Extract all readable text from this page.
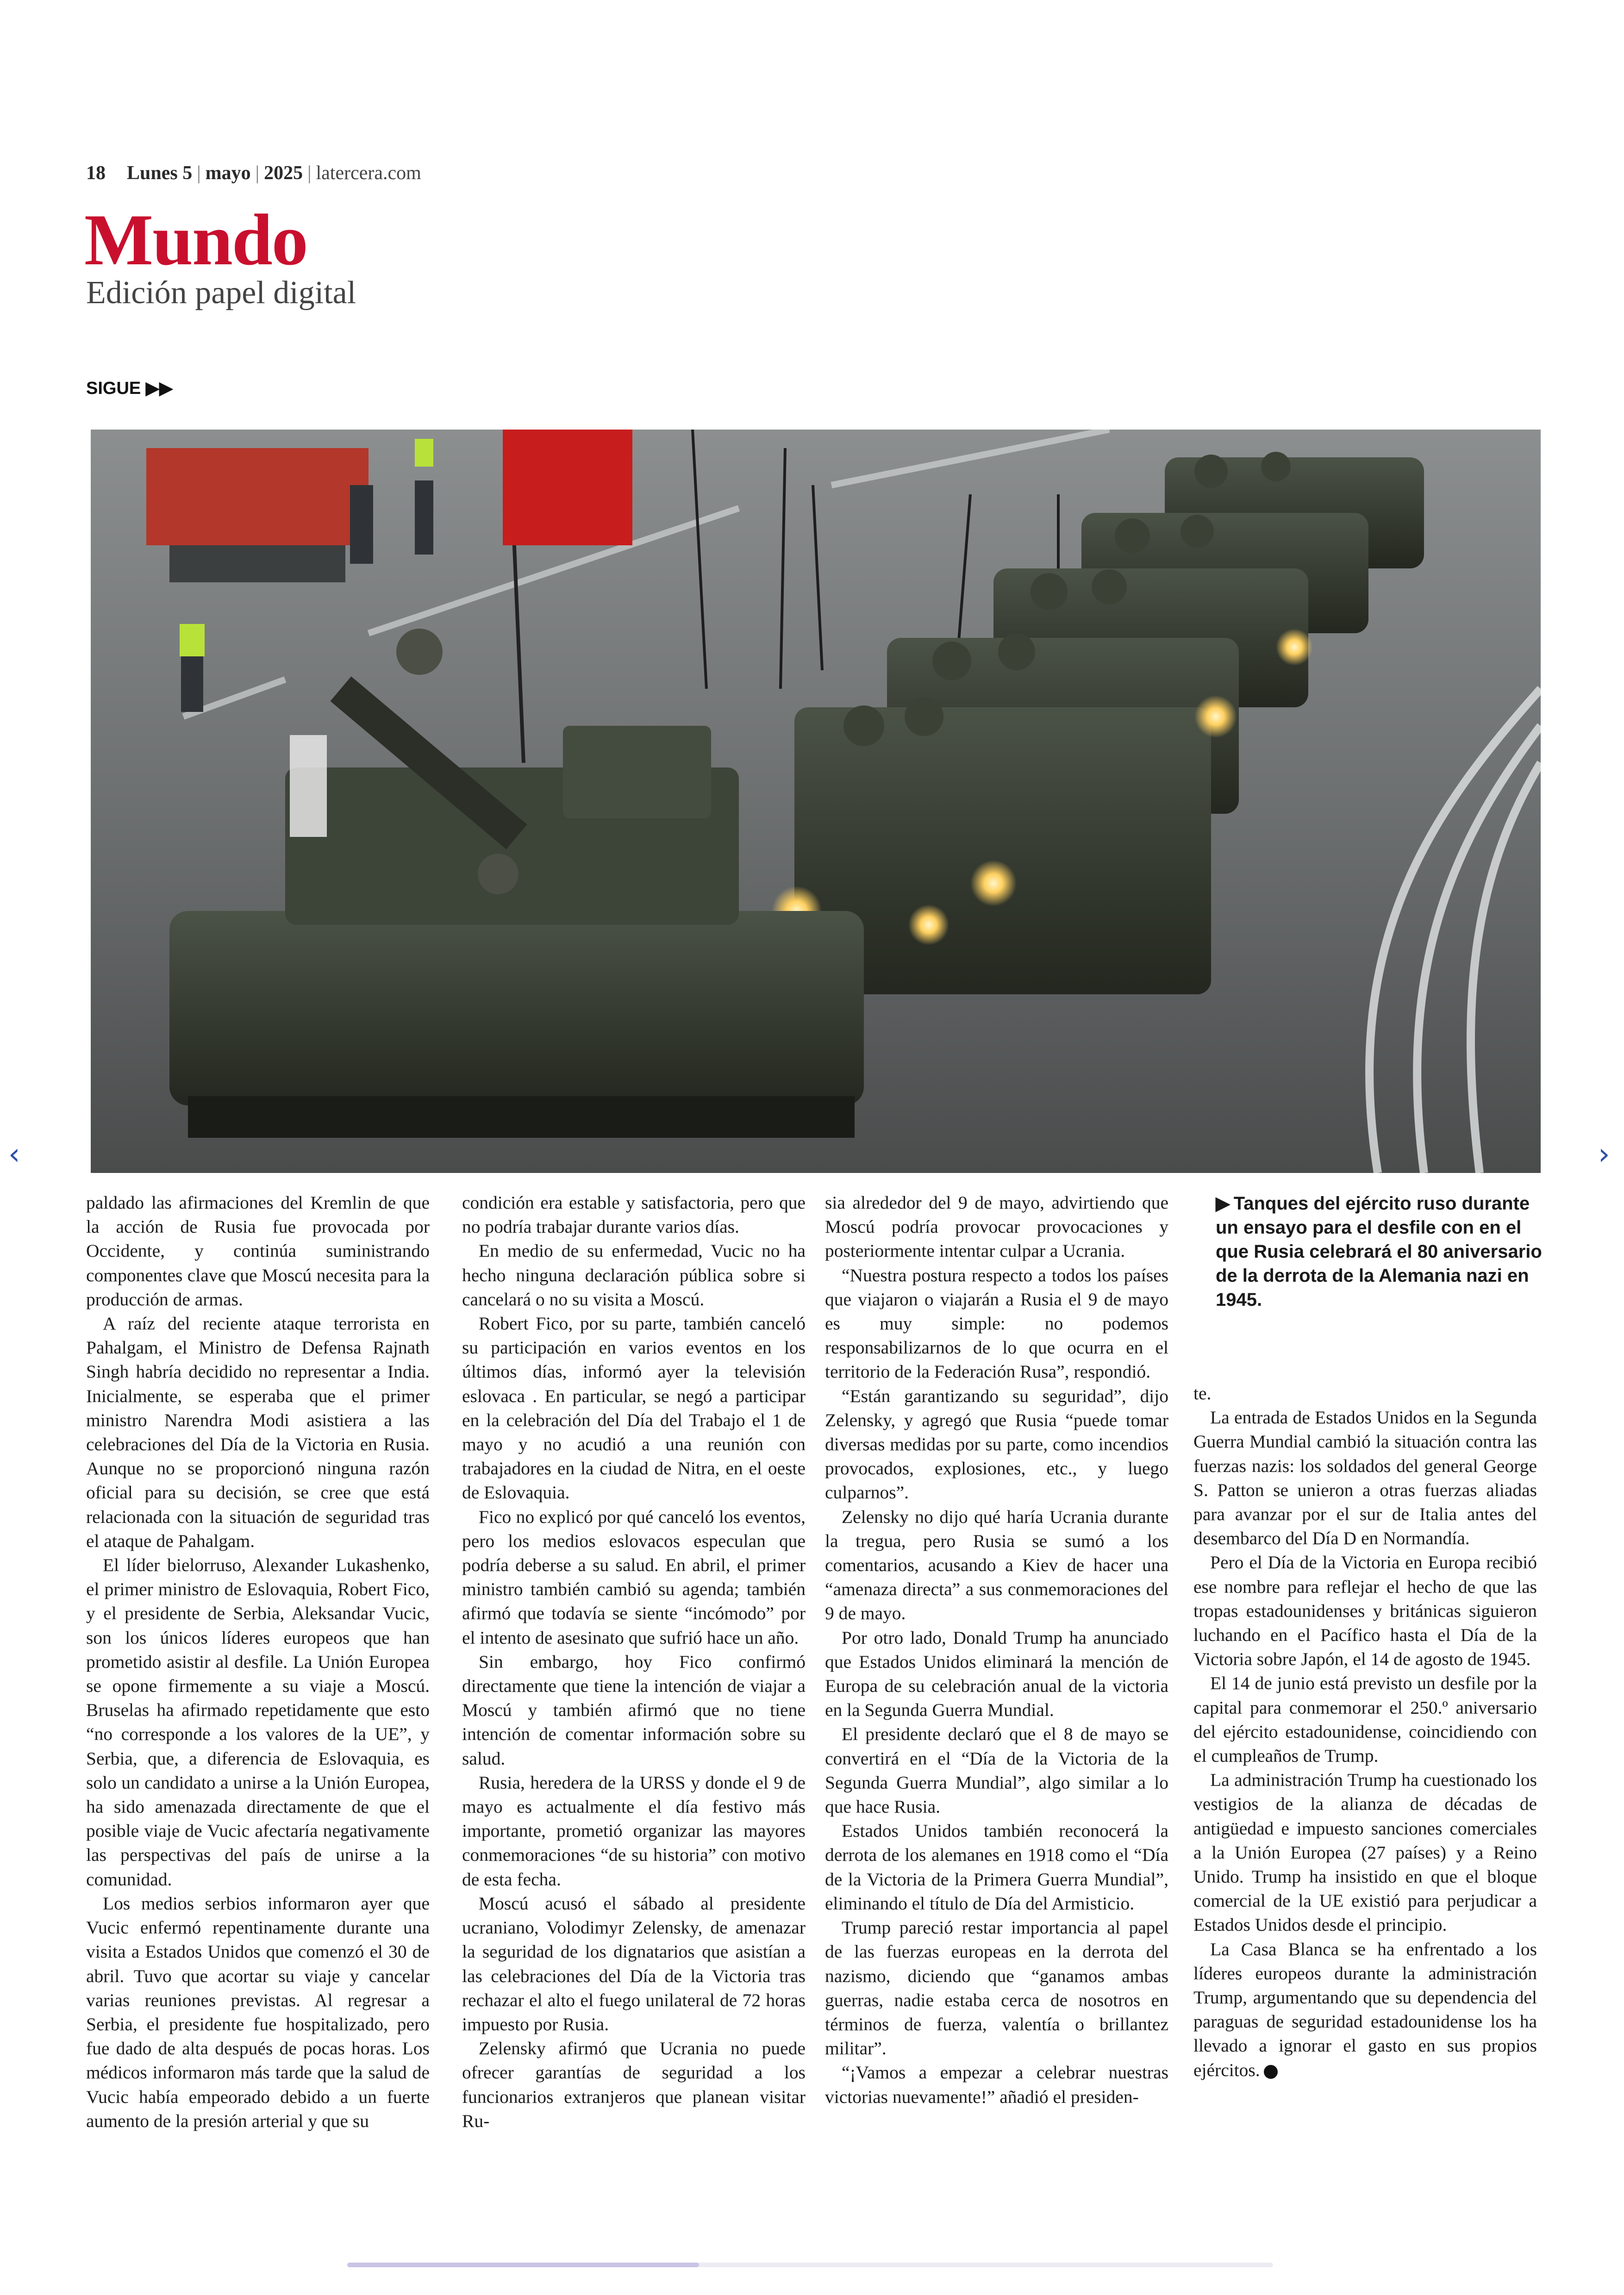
18 Lunes 5 | mayo | 2025 | latercera.com
Mundo
Edición papel digital
SIGUE ▶▶
‹	›

paldado las afirmaciones del Kremlin de que la acción de Rusia fue provocada por Occidente, y continúa suministrando componentes clave que Moscú necesita para la producción de armas.

A raíz del reciente ataque terrorista en Pahalgam, el Ministro de Defensa Rajnath Singh habría decidido no representar a India. Inicialmente, se esperaba que el primer ministro Narendra Modi asistiera a las celebraciones del Día de la Victoria en Rusia. Aunque no se proporcionó ninguna razón oficial para su decisión, se cree que está relacionada con la situación de seguridad tras el ataque de Pahalgam.

El líder bielorruso, Alexander Lukashenko, el primer ministro de Eslovaquia, Robert Fico, y el presidente de Serbia, Aleksandar Vucic, son los únicos líderes europeos que han prometido asistir al desfile. La Unión Europea se opone firmemente a su viaje a Moscú. Bruselas ha afirmado repetidamente que esto “no corresponde a los valores de la UE”, y Serbia, que, a diferencia de Eslovaquia, es solo un candidato a unirse a la Unión Europea, ha sido amenazada directamente de que el posible viaje de Vucic afectaría negativamente las perspectivas del país de unirse a la comunidad.

Los medios serbios informaron ayer que Vucic enfermó repentinamente durante una visita a Estados Unidos que comenzó el 30 de abril. Tuvo que acortar su viaje y cancelar varias reuniones previstas. Al regresar a Serbia, el presidente fue hospitalizado, pero fue dado de alta después de pocas horas. Los médicos informaron más tarde que la salud de Vucic había empeorado debido a un fuerte aumento de la presión arterial y que su

condición era estable y satisfactoria, pero que no podría trabajar durante varios días.

En medio de su enfermedad, Vucic no ha hecho ninguna declaración pública sobre si cancelará o no su visita a Moscú.

Robert Fico, por su parte, también canceló su participación en varios eventos en los últimos días, informó ayer la televisión eslovaca . En particular, se negó a participar en la celebración del Día del Trabajo el 1 de mayo y no acudió a una reunión con trabajadores en la ciudad de Nitra, en el oeste de Eslovaquia.

Fico no explicó por qué canceló los eventos, pero los medios eslovacos especulan que podría deberse a su salud. En abril, el primer ministro también cambió su agenda; también afirmó que todavía se siente “incómodo” por el intento de asesinato que sufrió hace un año.

Sin embargo, hoy Fico confirmó directamente que tiene la intención de viajar a Moscú y también afirmó que no tiene intención de comentar información sobre su salud.

Rusia, heredera de la URSS y donde el 9 de mayo es actualmente el día festivo más importante, prometió organizar las mayores conmemoraciones “de su historia” con motivo de esta fecha.

Moscú acusó el sábado al presidente ucraniano, Volodimyr Zelensky, de amenazar la seguridad de los dignatarios que asistían a las celebraciones del Día de la Victoria tras rechazar el alto el fuego unilateral de 72 horas impuesto por Rusia.

Zelensky afirmó que Ucrania no puede ofrecer garantías de seguridad a los funcionarios extranjeros que planean visitar Ru-

sia alrededor del 9 de mayo, advirtiendo que Moscú podría provocar provocaciones y posteriormente intentar culpar a Ucrania.

“Nuestra postura respecto a todos los países que viajaron o viajarán a Rusia el 9 de mayo es muy simple: no podemos responsabilizarnos de lo que ocurra en el territorio de la Federación Rusa”, respondió.

“Están garantizando su seguridad”, dijo Zelensky, y agregó que Rusia “puede tomar diversas medidas por su parte, como incendios provocados, explosiones, etc., y luego culparnos”.

Zelensky no dijo qué haría Ucrania durante la tregua, pero Rusia se sumó a los comentarios, acusando a Kiev de hacer una “amenaza directa” a sus conmemoraciones del 9 de mayo.

Por otro lado, Donald Trump ha anunciado que Estados Unidos eliminará la mención de Europa de su celebración anual de la victoria en la Segunda Guerra Mundial.

El presidente declaró que el 8 de mayo se convertirá en el “Día de la Victoria de la Segunda Guerra Mundial”, algo similar a lo que hace Rusia.

Estados Unidos también reconocerá la derrota de los alemanes en 1918 como el “Día de la Victoria de la Primera Guerra Mundial”, eliminando el título de Día del Armisticio.

Trump pareció restar importancia al papel de las fuerzas europeas en la derrota del nazismo, diciendo que “ganamos ambas guerras, nadie estaba cerca de nosotros en términos de fuerza, valentía o brillantez militar”.

“¡Vamos a empezar a celebrar nuestras victorias nuevamente!” añadió el presiden-

▶ Tanques del ejército ruso durante un ensayo para el desfile con en el que Rusia celebrará el 80 aniversario de la derrota de la Alemania nazi en 1945.

te.

La entrada de Estados Unidos en la Segunda Guerra Mundial cambió la situación contra las fuerzas nazis: los soldados del general George S. Patton se unieron a otras fuerzas aliadas para avanzar por el sur de Italia antes del desembarco del Día D en Normandía.

Pero el Día de la Victoria en Europa recibió ese nombre para reflejar el hecho de que las tropas estadounidenses y británicas siguieron luchando en el Pacífico hasta el Día de la Victoria sobre Japón, el 14 de agosto de 1945.

El 14 de junio está previsto un desfile por la capital para conmemorar el 250.º aniversario del ejército estadounidense, coincidiendo con el cumpleaños de Trump.

La administración Trump ha cuestionado los vestigios de la alianza de décadas de antigüedad e impuesto sanciones comerciales a la Unión Europea (27 países) y a Reino Unido. Trump ha insistido en que el bloque comercial de la UE existió para perjudicar a Estados Unidos desde el principio.

La Casa Blanca se ha enfrentado a los líderes europeos durante la administración Trump, argumentando que su dependencia del paraguas de seguridad estadounidense los ha llevado a ignorar el gasto en sus propios ejércitos.
